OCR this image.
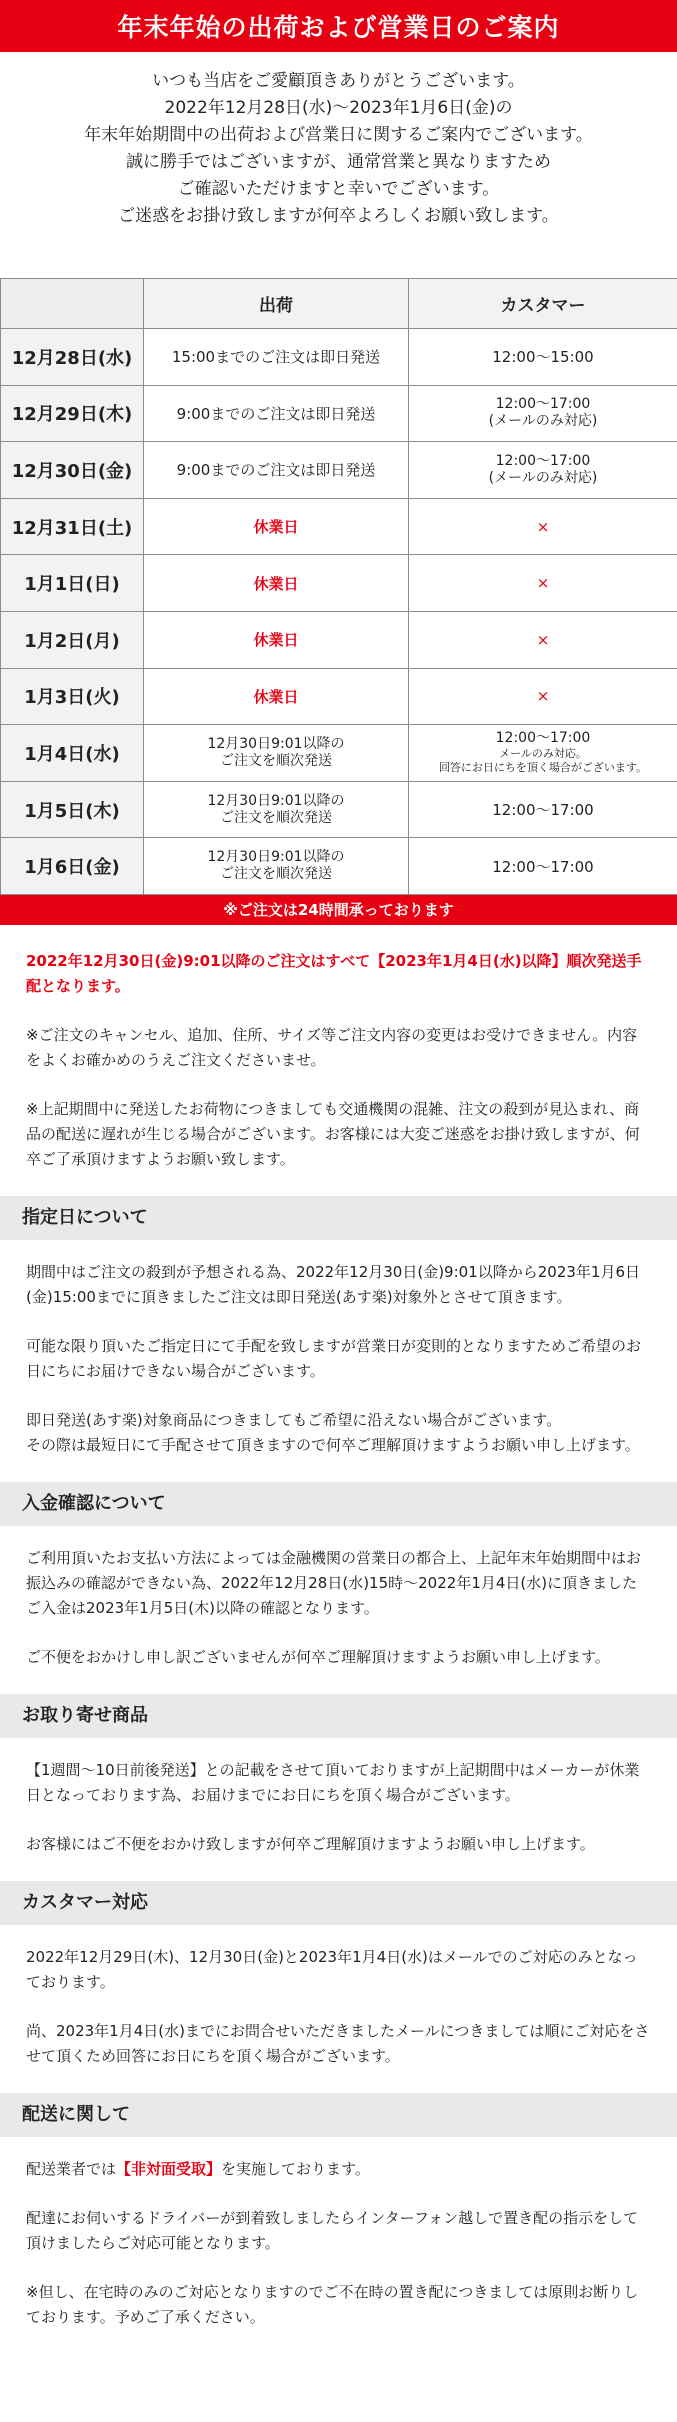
年末年始の出荷および営業日のご案内
いつも当店をご愛顧頂きありがとうございます。
2022年12月28日(水)〜2023年1月6日(金)の
年末年始期間中の出荷および営業日に関するご案内でございます。
誠に勝手ではございますが、通常営業と異なりますため
ご確認いただけますと幸いでございます。
ご迷惑をお掛け致しますが何卒よろしくお願い致します。
	出荷	カスタマー
12月28日(水)	15:00までのご注文は即日発送	12:00〜15:00
12月29日(木)	9:00までのご注文は即日発送	12:00〜17:00
(メールのみ対応)

12月30日(金)	9:00までのご注文は即日発送	12:00〜17:00
(メールのみ対応)

12月31日(土)	休業日	×
1月1日(日)	休業日	×
1月2日(月)	休業日	×
1月3日(火)	休業日	×
1月4日(水)	12月30日9:01以降の
ご注文を順次発送	12:00〜17:00
メールのみ対応。
回答にお日にちを頂く場合がございます。

1月5日(木)	12月30日9:01以降の
ご注文を順次発送	12:00〜17:00
1月6日(金)	12月30日9:01以降の
ご注文を順次発送	12:00〜17:00
※ご注文は24時間承っております

2022年12月30日(金)9:01以降のご注文はすべて【2023年1月4日(水)以降】順次発送手配となります。

※ご注文のキャンセル、追加、住所、サイズ等ご注文内容の変更はお受けできません。内容をよくお確かめのうえご注文くださいませ。

※上記期間中に発送したお荷物につきましても交通機関の混雑、注文の殺到が見込まれ、商品の配送に遅れが生じる場合がございます。お客様には大変ご迷惑をお掛け致しますが、何卒ご了承頂けますようお願い致します。

指定日について

期間中はご注文の殺到が予想される為、2022年12月30日(金)9:01以降から2023年1月6日(金)15:00までに頂きましたご注文は即日発送(あす楽)対象外とさせて頂きます。

可能な限り頂いたご指定日にて手配を致しますが営業日が変則的となりますためご希望のお日にちにお届けできない場合がございます。

即日発送(あす楽)対象商品につきましてもご希望に沿えない場合がございます。
その際は最短日にて手配させて頂きますので何卒ご理解頂けますようお願い申し上げます。

入金確認について

ご利用頂いたお支払い方法によっては金融機関の営業日の都合上、上記年末年始期間中はお振込みの確認ができない為、2022年12月28日(水)15時〜2022年1月4日(水)に頂きましたご入金は2023年1月5日(木)以降の確認となります。

ご不便をおかけし申し訳ございませんが何卒ご理解頂けますようお願い申し上げます。

お取り寄せ商品

【1週間〜10日前後発送】との記載をさせて頂いておりますが上記期間中はメーカーが休業日となっております為、お届けまでにお日にちを頂く場合がございます。

お客様にはご不便をおかけ致しますが何卒ご理解頂けますようお願い申し上げます。

カスタマー対応

2022年12月29日(木)、12月30日(金)と2023年1月4日(水)はメールでのご対応のみとなっております。

尚、2023年1月4日(水)までにお問合せいただきましたメールにつきましては順にご対応をさせて頂くため回答にお日にちを頂く場合がございます。

配送に関して

配送業者では【非対面受取】を実施しております。

配達にお伺いするドライバーが到着致しましたらインターフォン越しで置き配の指示をして頂けましたらご対応可能となります。

※但し、在宅時のみのご対応となりますのでご不在時の置き配につきましては原則お断りしております。予めご了承ください。
